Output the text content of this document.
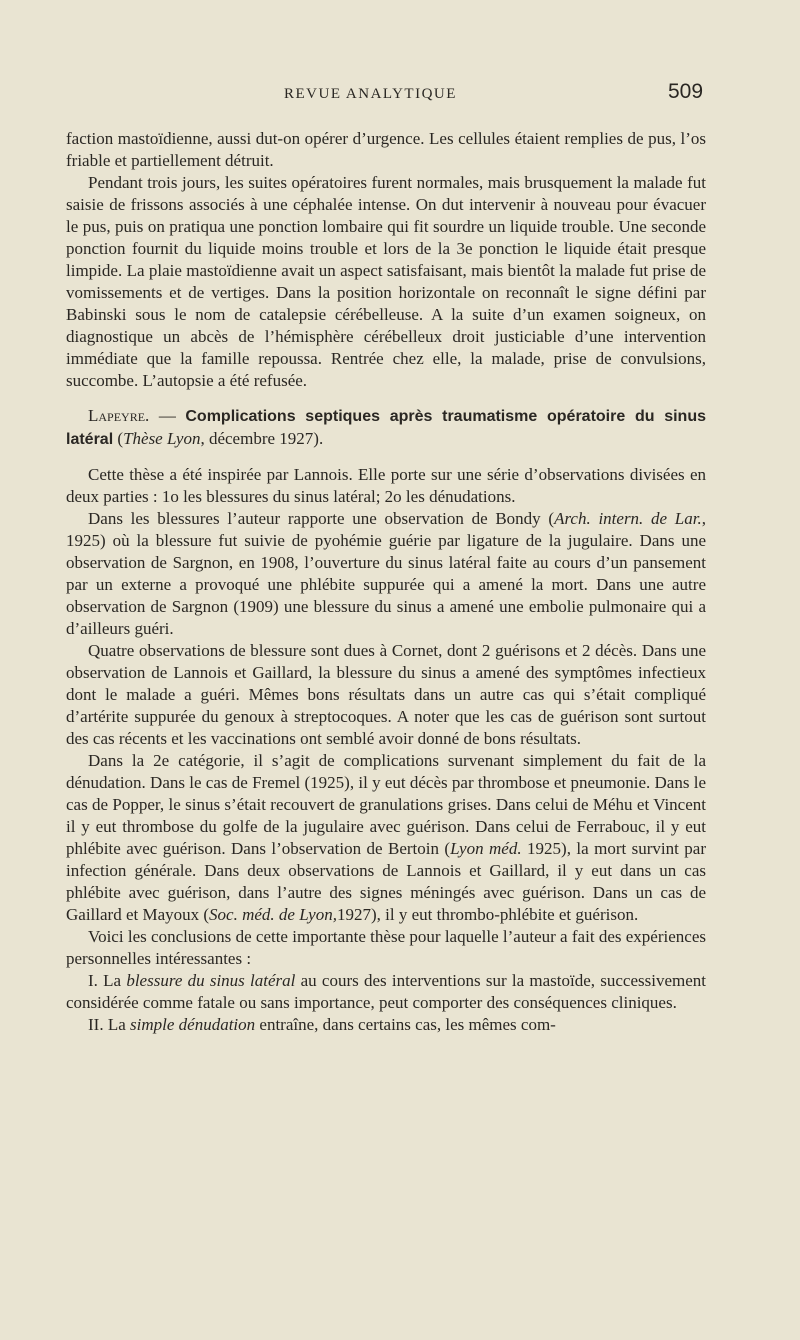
REVUE ANALYTIQUE	509

faction mastoïdienne, aussi dut-on opérer d’urgence. Les cellules étaient remplies de pus, l’os friable et partiellement détruit.

Pendant trois jours, les suites opératoires furent normales, mais brusquement la malade fut saisie de frissons associés à une céphalée intense. On dut intervenir à nouveau pour évacuer le pus, puis on pratiqua une ponction lombaire qui fit sourdre un liquide trouble. Une seconde ponction fournit du liquide moins trouble et lors de la 3e ponction le liquide était presque limpide. La plaie mastoïdienne avait un aspect satisfaisant, mais bientôt la malade fut prise de vomissements et de vertiges. Dans la position horizontale on reconnaît le signe défini par Babinski sous le nom de catalepsie cérébelleuse. A la suite d’un examen soigneux, on diagnostique un abcès de l’hémisphère cérébelleux droit justiciable d’une intervention immédiate que la famille repoussa. Rentrée chez elle, la malade, prise de convulsions, succombe. L’autopsie a été refusée.

Lapeyre. — Complications septiques après traumatisme opératoire du sinus latéral (Thèse Lyon, décembre 1927).

Cette thèse a été inspirée par Lannois. Elle porte sur une série d’observations divisées en deux parties : 1o les blessures du sinus latéral; 2o les dénudations.

Dans les blessures l’auteur rapporte une observation de Bondy (Arch. intern. de Lar., 1925) où la blessure fut suivie de pyohémie guérie par ligature de la jugulaire. Dans une observation de Sargnon, en 1908, l’ouverture du sinus latéral faite au cours d’un pansement par un externe a provoqué une phlébite suppurée qui a amené la mort. Dans une autre observation de Sargnon (1909) une blessure du sinus a amené une embolie pulmonaire qui a d’ailleurs guéri.

Quatre observations de blessure sont dues à Cornet, dont 2 guérisons et 2 décès. Dans une observation de Lannois et Gaillard, la blessure du sinus a amené des symptômes infectieux dont le malade a guéri. Mêmes bons résultats dans un autre cas qui s’était compliqué d’artérite suppurée du genoux à streptocoques. A noter que les cas de guérison sont surtout des cas récents et les vaccinations ont semblé avoir donné de bons résultats.

Dans la 2e catégorie, il s’agit de complications survenant simplement du fait de la dénudation. Dans le cas de Fremel (1925), il y eut décès par thrombose et pneumonie. Dans le cas de Popper, le sinus s’était recouvert de granulations grises. Dans celui de Méhu et Vincent il y eut thrombose du golfe de la jugulaire avec guérison. Dans celui de Ferrabouc, il y eut phlébite avec guérison. Dans l’observation de Bertoin (Lyon méd. 1925), la mort survint par infection générale. Dans deux observations de Lannois et Gaillard, il y eut dans un cas phlébite avec guérison, dans l’autre des signes méningés avec guérison. Dans un cas de Gaillard et Mayoux (Soc. méd. de Lyon,1927), il y eut thrombo-phlébite et guérison.

Voici les conclusions de cette importante thèse pour laquelle l’auteur a fait des expériences personnelles intéressantes :

I. La blessure du sinus latéral au cours des interventions sur la mastoïde, successivement considérée comme fatale ou sans importance, peut comporter des conséquences cliniques.

II. La simple dénudation entraîne, dans certains cas, les mêmes com-
